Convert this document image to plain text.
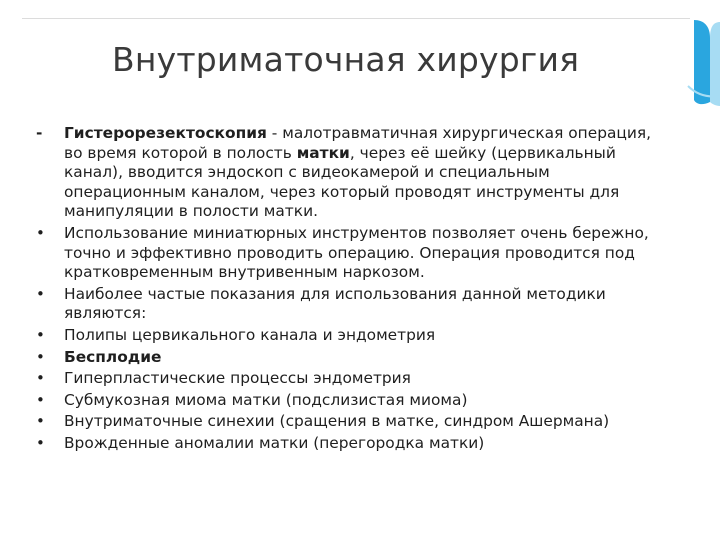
Внутриматочная хирургия
-	Гистерорезектоскопия - малотравматичная хирургическая операция, во время которой в полость матки, через её шейку (цервикальный канал), вводится эндоскоп с видеокамерой и специальным операционным каналом, через который проводят инструменты для манипуляции в полости матки.
•	Использование миниатюрных инструментов позволяет очень бережно, точно и эффективно проводить операцию. Операция проводится под кратковременным внутривенным наркозом.
•	Наиболее частые показания для использования данной методики являются:
•	Полипы цервикального канала и эндометрия
•	Бесплодие
•	Гиперпластические процессы эндометрия
•	Субмукозная миома матки (подслизистая миома)
•	Внутриматочные синехии (сращения в матке, синдром Ашермана)
•	Врожденные аномалии матки (перегородка матки)
